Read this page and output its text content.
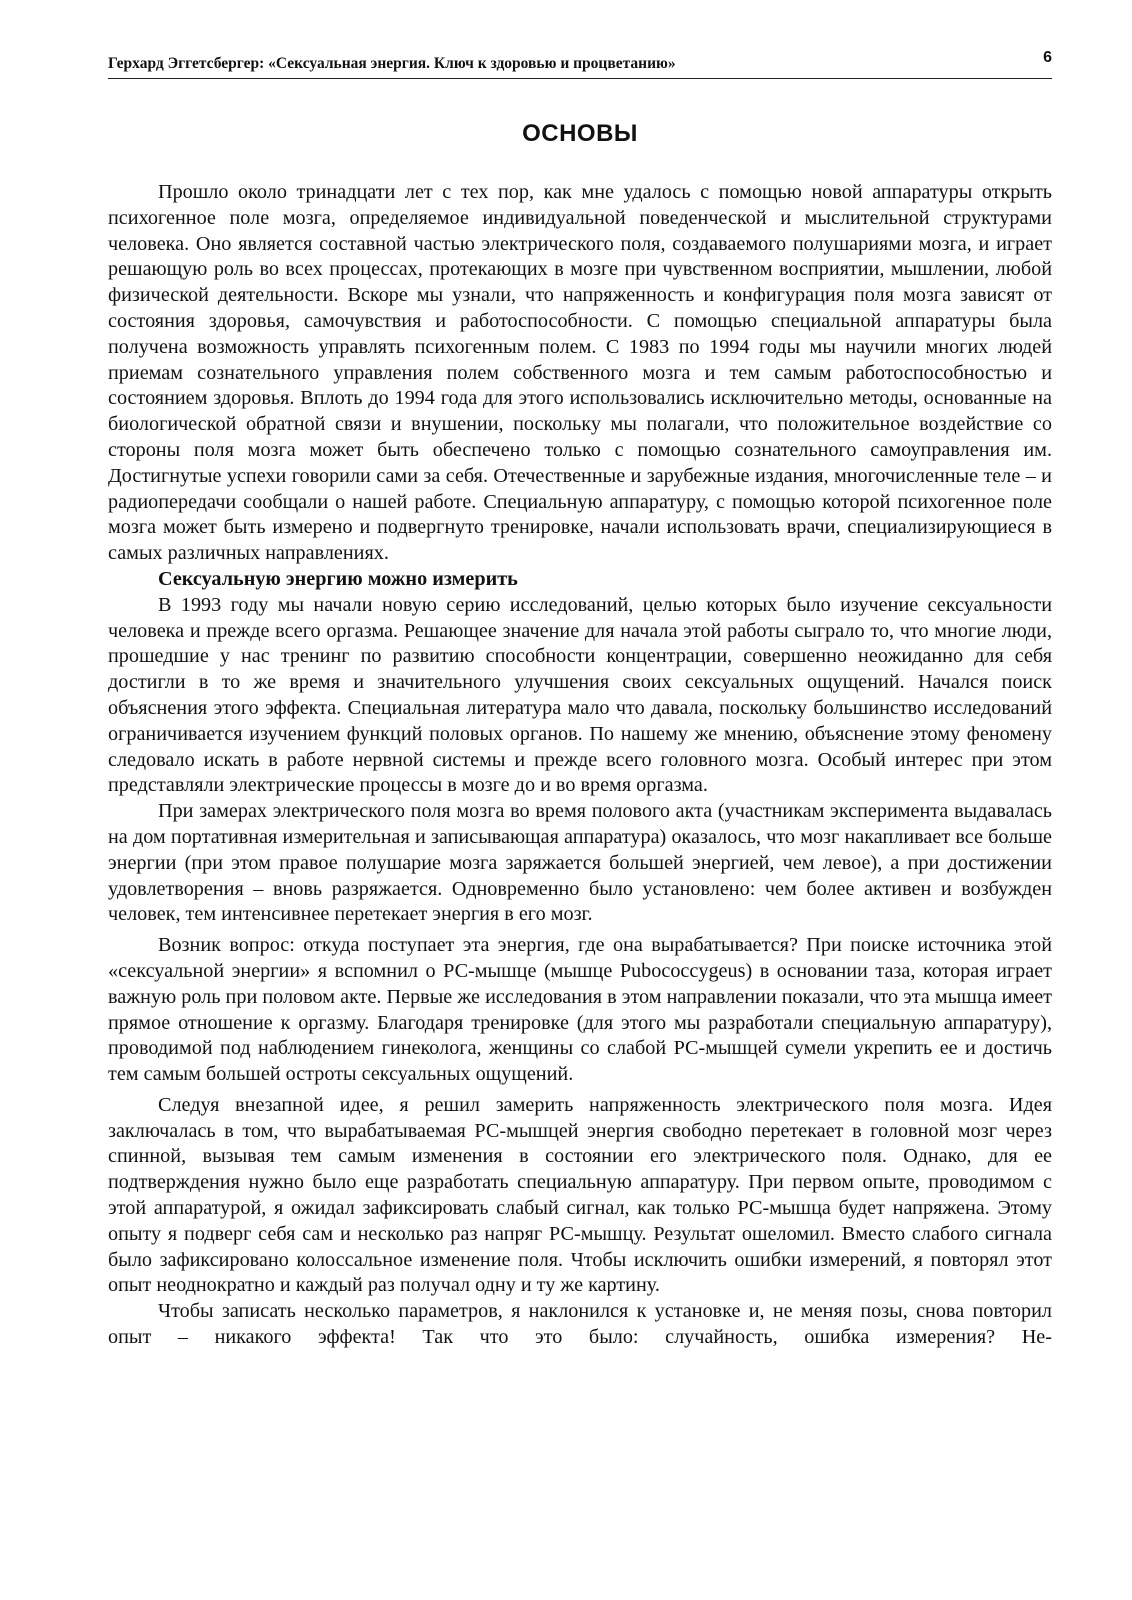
Герхард Эггетсбергер: «Сексуальная энергия. Ключ к здоровью и процветанию»	6
ОСНОВЫ

Прошло около тринадцати лет с тех пор, как мне удалось с помощью новой аппаратуры открыть психогенное поле мозга, определяемое индивидуальной поведенческой и мыслительной структурами человека. Оно является составной частью электрического поля, создаваемого полушариями мозга, и играет решающую роль во всех процессах, протекающих в мозге при чувственном восприятии, мышлении, любой физической деятельности. Вскоре мы узнали, что напряженность и конфигурация поля мозга зависят от состояния здоровья, самочувствия и работоспособности. С помощью специальной аппаратуры была получена возможность управлять психогенным полем. С 1983 по 1994 годы мы научили многих людей приемам сознательного управления полем собственного мозга и тем самым работоспособностью и состоянием здоровья. Вплоть до 1994 года для этого использовались исключительно методы, основанные на биологической обратной связи и внушении, поскольку мы полагали, что положительное воздействие со стороны поля мозга может быть обеспечено только с помощью сознательного самоуправления им. Достигнутые успехи говорили сами за себя. Отечественные и зарубежные издания, многочисленные теле – и радиопередачи сообщали о нашей работе. Специальную аппаратуру, с помощью которой психогенное поле мозга может быть измерено и подвергнуто тренировке, начали использовать врачи, специализирующиеся в самых различных направлениях.

Сексуальную энергию можно измерить

В 1993 году мы начали новую серию исследований, целью которых было изучение сексуальности человека и прежде всего оргазма. Решающее значение для начала этой работы сыграло то, что многие люди, прошедшие у нас тренинг по развитию способности концентрации, совершенно неожиданно для себя достигли в то же время и значительного улучшения своих сексуальных ощущений. Начался поиск объяснения этого эффекта. Специальная литература мало что давала, поскольку большинство исследований ограничивается изучением функций половых органов. По нашему же мнению, объяснение этому феномену следовало искать в работе нервной системы и прежде всего головного мозга. Особый интерес при этом представляли электрические процессы в мозге до и во время оргазма.

При замерах электрического поля мозга во время полового акта (участникам эксперимента выдавалась на дом портативная измерительная и записывающая аппаратура) оказалось, что мозг накапливает все больше энергии (при этом правое полушарие мозга заряжается большей энергией, чем левое), а при достижении удовлетворения – вновь разряжается. Одновременно было установлено: чем более активен и возбужден человек, тем интенсивнее перетекает энергия в его мозг.

Возник вопрос: откуда поступает эта энергия, где она вырабатывается? При поиске источника этой «сексуальной энергии» я вспомнил о РС-мышце (мышце Pubococcygeus) в основании таза, которая играет важную роль при половом акте. Первые же исследования в этом направлении показали, что эта мышца имеет прямое отношение к оргазму. Благодаря тренировке (для этого мы разработали специальную аппаратуру), проводимой под наблюдением гинеколога, женщины со слабой РС-мышцей сумели укрепить ее и достичь тем самым большей остроты сексуальных ощущений.

Следуя внезапной идее, я решил замерить напряженность электрического поля мозга. Идея заключалась в том, что вырабатываемая РС-мышцей энергия свободно перетекает в головной мозг через спинной, вызывая тем самым изменения в состоянии его электрического поля. Однако, для ее подтверждения нужно было еще разработать специальную аппаратуру. При первом опыте, проводимом с этой аппаратурой, я ожидал зафиксировать слабый сигнал, как только РС-мышца будет напряжена. Этому опыту я подверг себя сам и несколько раз напряг РС-мышцу. Результат ошеломил. Вместо слабого сигнала было зафиксировано колоссальное изменение поля. Чтобы исключить ошибки измерений, я повторял этот опыт неоднократно и каждый раз получал одну и ту же картину.

Чтобы записать несколько параметров, я наклонился к установке и, не меняя позы, снова повторил опыт – никакого эффекта! Так что это было: случайность, ошибка измерения? Не-
